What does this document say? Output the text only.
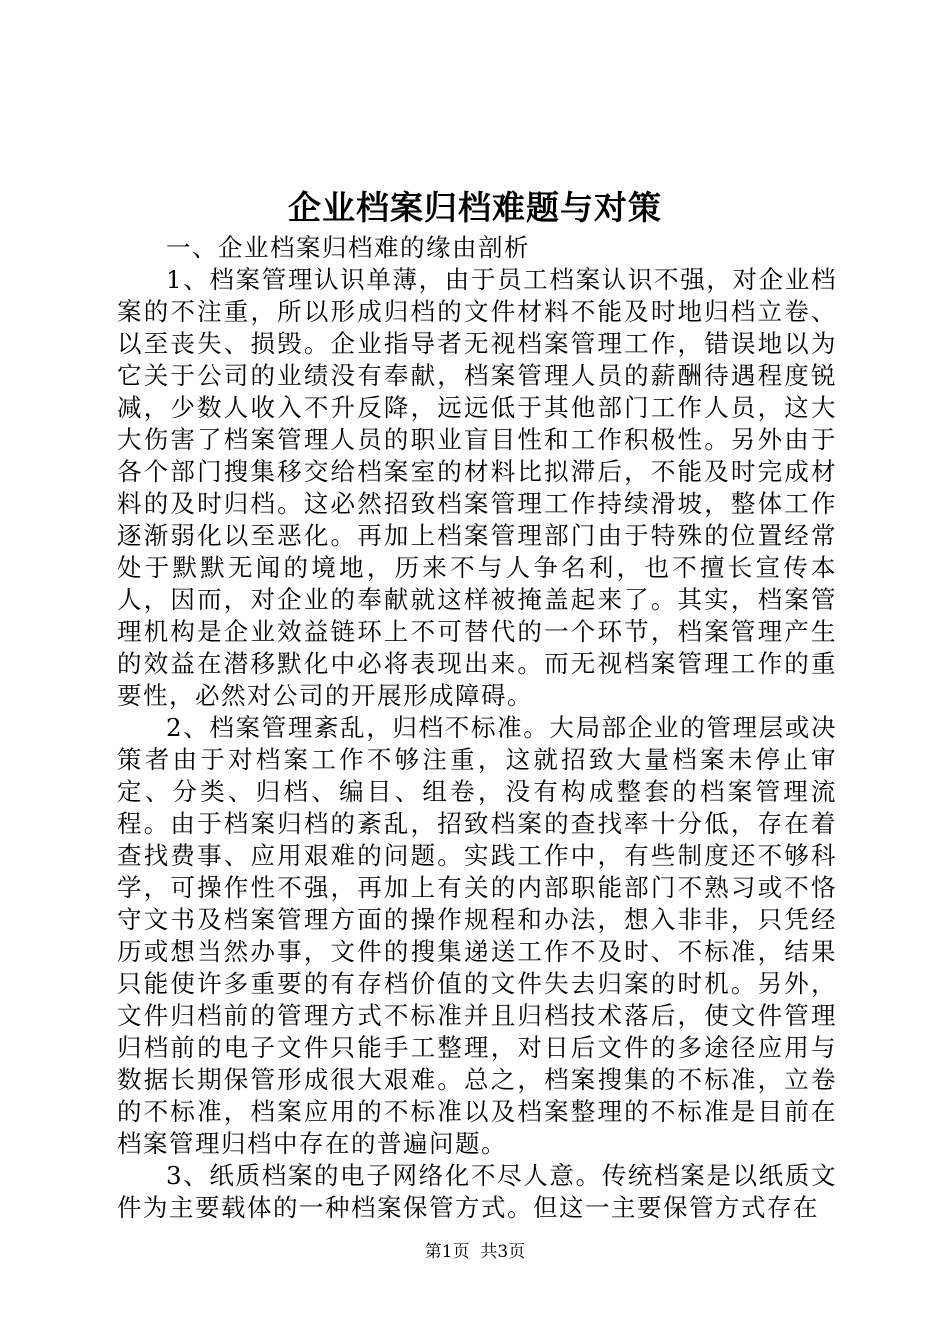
企业档案归档难题与对策

一、企业档案归档难的缘由剖析

1、档案管理认识单薄，由于员工档案认识不强，对企业档案的不注重，所以形成归档的文件材料不能及时地归档立卷、以至丧失、损毁。企业指导者无视档案管理工作，错误地以为它关于公司的业绩没有奉献，档案管理人员的薪酬待遇程度锐减，少数人收入不升反降，远远低于其他部门工作人员，这大大伤害了档案管理人员的职业盲目性和工作积极性。另外由于各个部门搜集移交给档案室的材料比拟滞后，不能及时完成材料的及时归档。这必然招致档案管理工作持续滑坡，整体工作逐渐弱化以至恶化。再加上档案管理部门由于特殊的位置经常处于默默无闻的境地，历来不与人争名利，也不擅长宣传本人，因而，对企业的奉献就这样被掩盖起来了。其实，档案管理机构是企业效益链环上不可替代的一个环节，档案管理产生的效益在潜移默化中必将表现出来。而无视档案管理工作的重要性，必然对公司的开展形成障碍。

2、档案管理紊乱，归档不标准。大局部企业的管理层或决策者由于对档案工作不够注重，这就招致大量档案未停止审定、分类、归档、编目、组卷，没有构成整套的档案管理流程。由于档案归档的紊乱，招致档案的查找率十分低，存在着查找费事、应用艰难的问题。实践工作中，有些制度还不够科学，可操作性不强，再加上有关的内部职能部门不熟习或不恪守文书及档案管理方面的操作规程和办法，想入非非，只凭经历或想当然办事，文件的搜集递送工作不及时、不标准，结果只能使许多重要的有存档价值的文件失去归案的时机。另外，文件归档前的管理方式不标准并且归档技术落后，使文件管理归档前的电子文件只能手工整理，对日后文件的多途径应用与数据长期保管形成很大艰难。总之，档案搜集的不标准，立卷的不标准，档案应用的不标准以及档案整理的不标准是目前在档案管理归档中存在的普遍问题。

3、纸质档案的电子网络化不尽人意。传统档案是以纸质文件为主要载体的一种档案保管方式。但这一主要保管方式存在

第1页  共3页
